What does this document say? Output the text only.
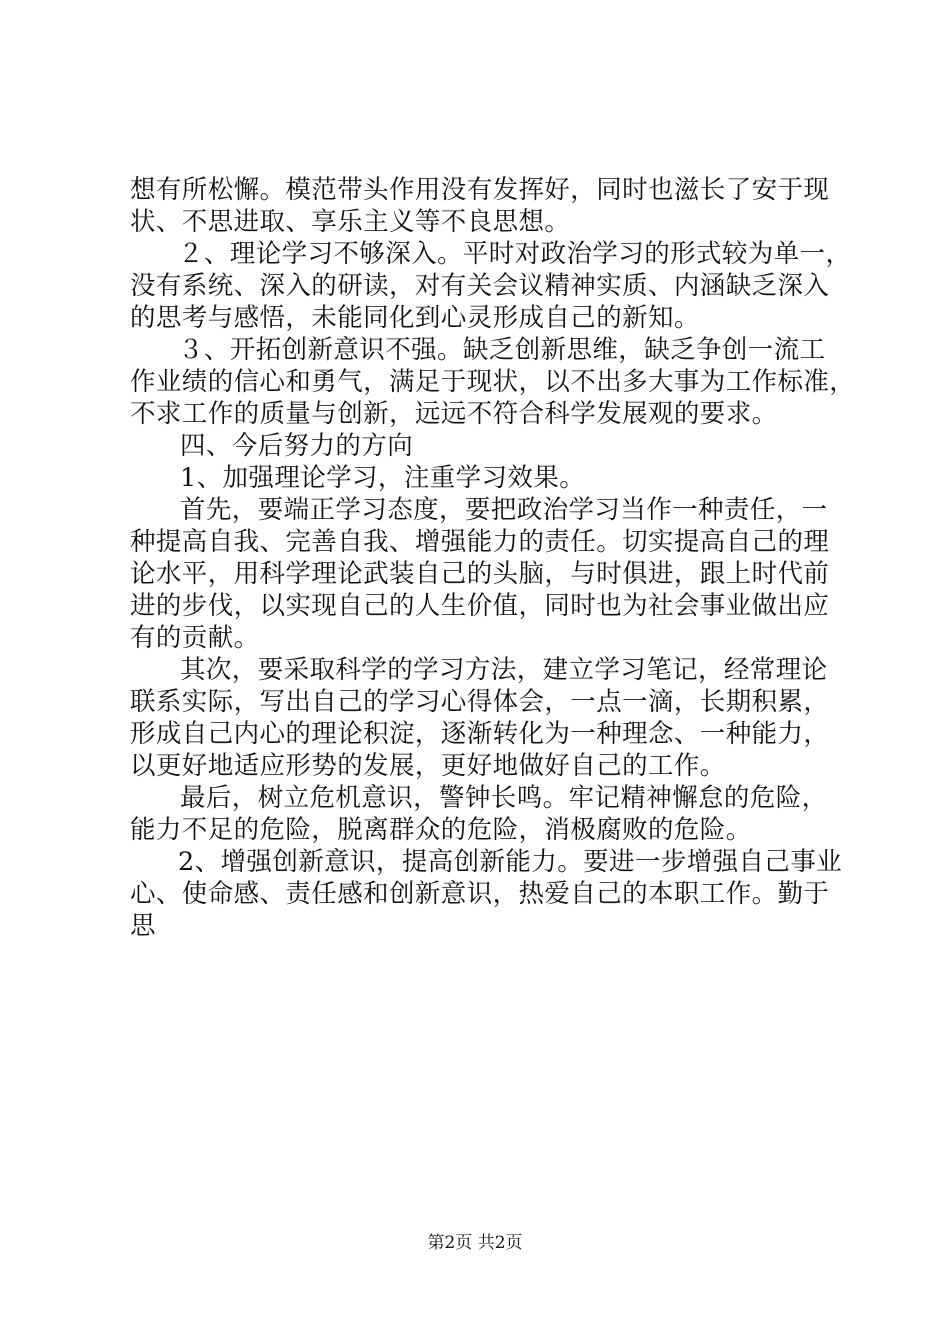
想有所松懈。模范带头作用没有发挥好，同时也滋长了安于现
状、不思进取、享乐主义等不良思想。
２、理论学习不够深入。平时对政治学习的形式较为单一，
没有系统、深入的研读，对有关会议精神实质、内涵缺乏深入
的思考与感悟，未能同化到心灵形成自己的新知。
３、开拓创新意识不强。缺乏创新思维，缺乏争创一流工
作业绩的信心和勇气，满足于现状，以不出多大事为工作标准，
不求工作的质量与创新，远远不符合科学发展观的要求。
四、今后努力的方向
1、加强理论学习，注重学习效果。
首先，要端正学习态度，要把政治学习当作一种责任，一
种提高自我、完善自我、增强能力的责任。切实提高自己的理
论水平，用科学理论武装自己的头脑，与时俱进，跟上时代前
进的步伐，以实现自己的人生价值，同时也为社会事业做出应
有的贡献。
其次，要采取科学的学习方法，建立学习笔记，经常理论
联系实际，写出自己的学习心得体会，一点一滴，长期积累，
形成自己内心的理论积淀，逐渐转化为一种理念、一种能力，
以更好地适应形势的发展，更好地做好自己的工作。
最后，树立危机意识，警钟长鸣。牢记精神懈怠的危险，
能力不足的危险，脱离群众的危险，消极腐败的危险。
2、增强创新意识，提高创新能力。要进一步增强自己事业
心、使命感、责任感和创新意识，热爱自己的本职工作。勤于
思
第2页 共2页
